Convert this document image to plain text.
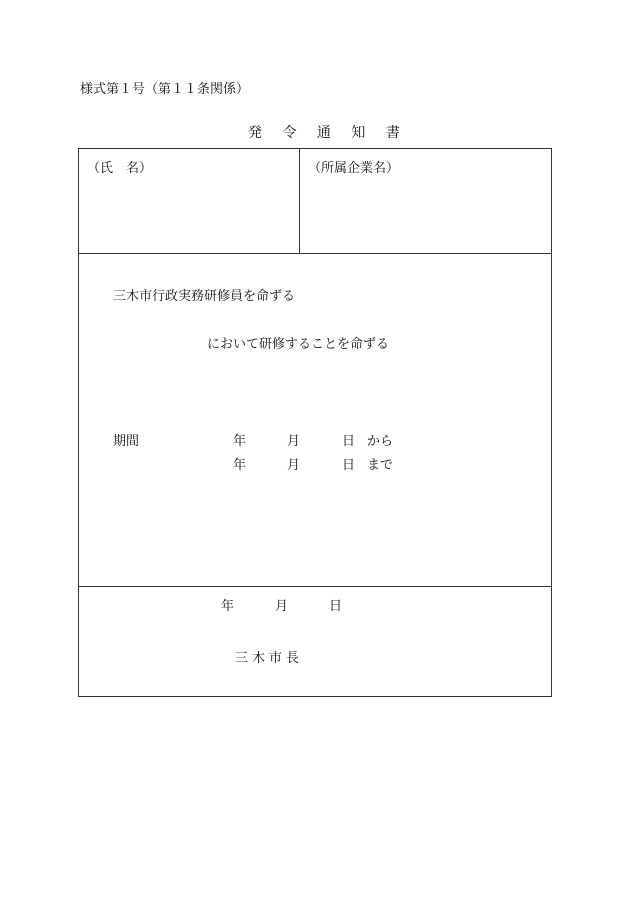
様式第１号（第１１条関係）
発 令 通 知 書
（氏　名）	（所属企業名）
三木市行政実務研修員を命ずる
において研修することを命ずる
期間	年	月	日 から
年	月	日 まで
年	月	日
三木市長
